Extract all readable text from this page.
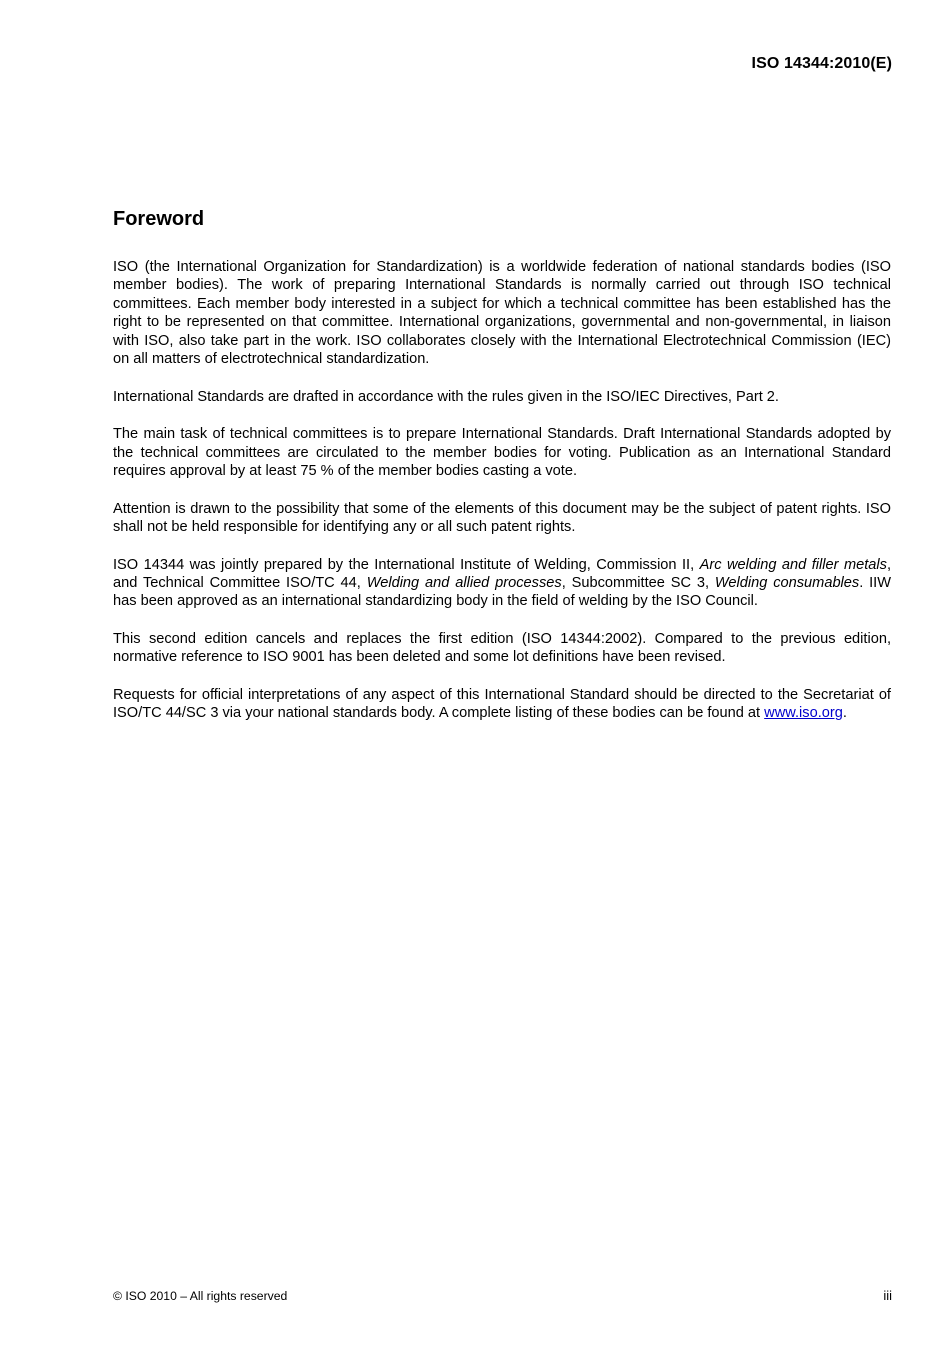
ISO 14344:2010(E)
Foreword

ISO (the International Organization for Standardization) is a worldwide federation of national standards bodies (ISO member bodies). The work of preparing International Standards is normally carried out through ISO technical committees. Each member body interested in a subject for which a technical committee has been established has the right to be represented on that committee. International organizations, governmental and non-governmental, in liaison with ISO, also take part in the work. ISO collaborates closely with the International Electrotechnical Commission (IEC) on all matters of electrotechnical standardization.

International Standards are drafted in accordance with the rules given in the ISO/IEC Directives, Part 2.

The main task of technical committees is to prepare International Standards. Draft International Standards adopted by the technical committees are circulated to the member bodies for voting. Publication as an International Standard requires approval by at least 75 % of the member bodies casting a vote.

Attention is drawn to the possibility that some of the elements of this document may be the subject of patent rights. ISO shall not be held responsible for identifying any or all such patent rights.

ISO 14344 was jointly prepared by the International Institute of Welding, Commission II, Arc welding and filler metals, and Technical Committee ISO/TC 44, Welding and allied processes, Subcommittee SC 3, Welding consumables. IIW has been approved as an international standardizing body in the field of welding by the ISO Council.

This second edition cancels and replaces the first edition (ISO 14344:2002). Compared to the previous edition, normative reference to ISO 9001 has been deleted and some lot definitions have been revised.

Requests for official interpretations of any aspect of this International Standard should be directed to the Secretariat of ISO/TC 44/SC 3 via your national standards body. A complete listing of these bodies can be found at www.iso.org.

© ISO 2010 – All rights reserved	iii
